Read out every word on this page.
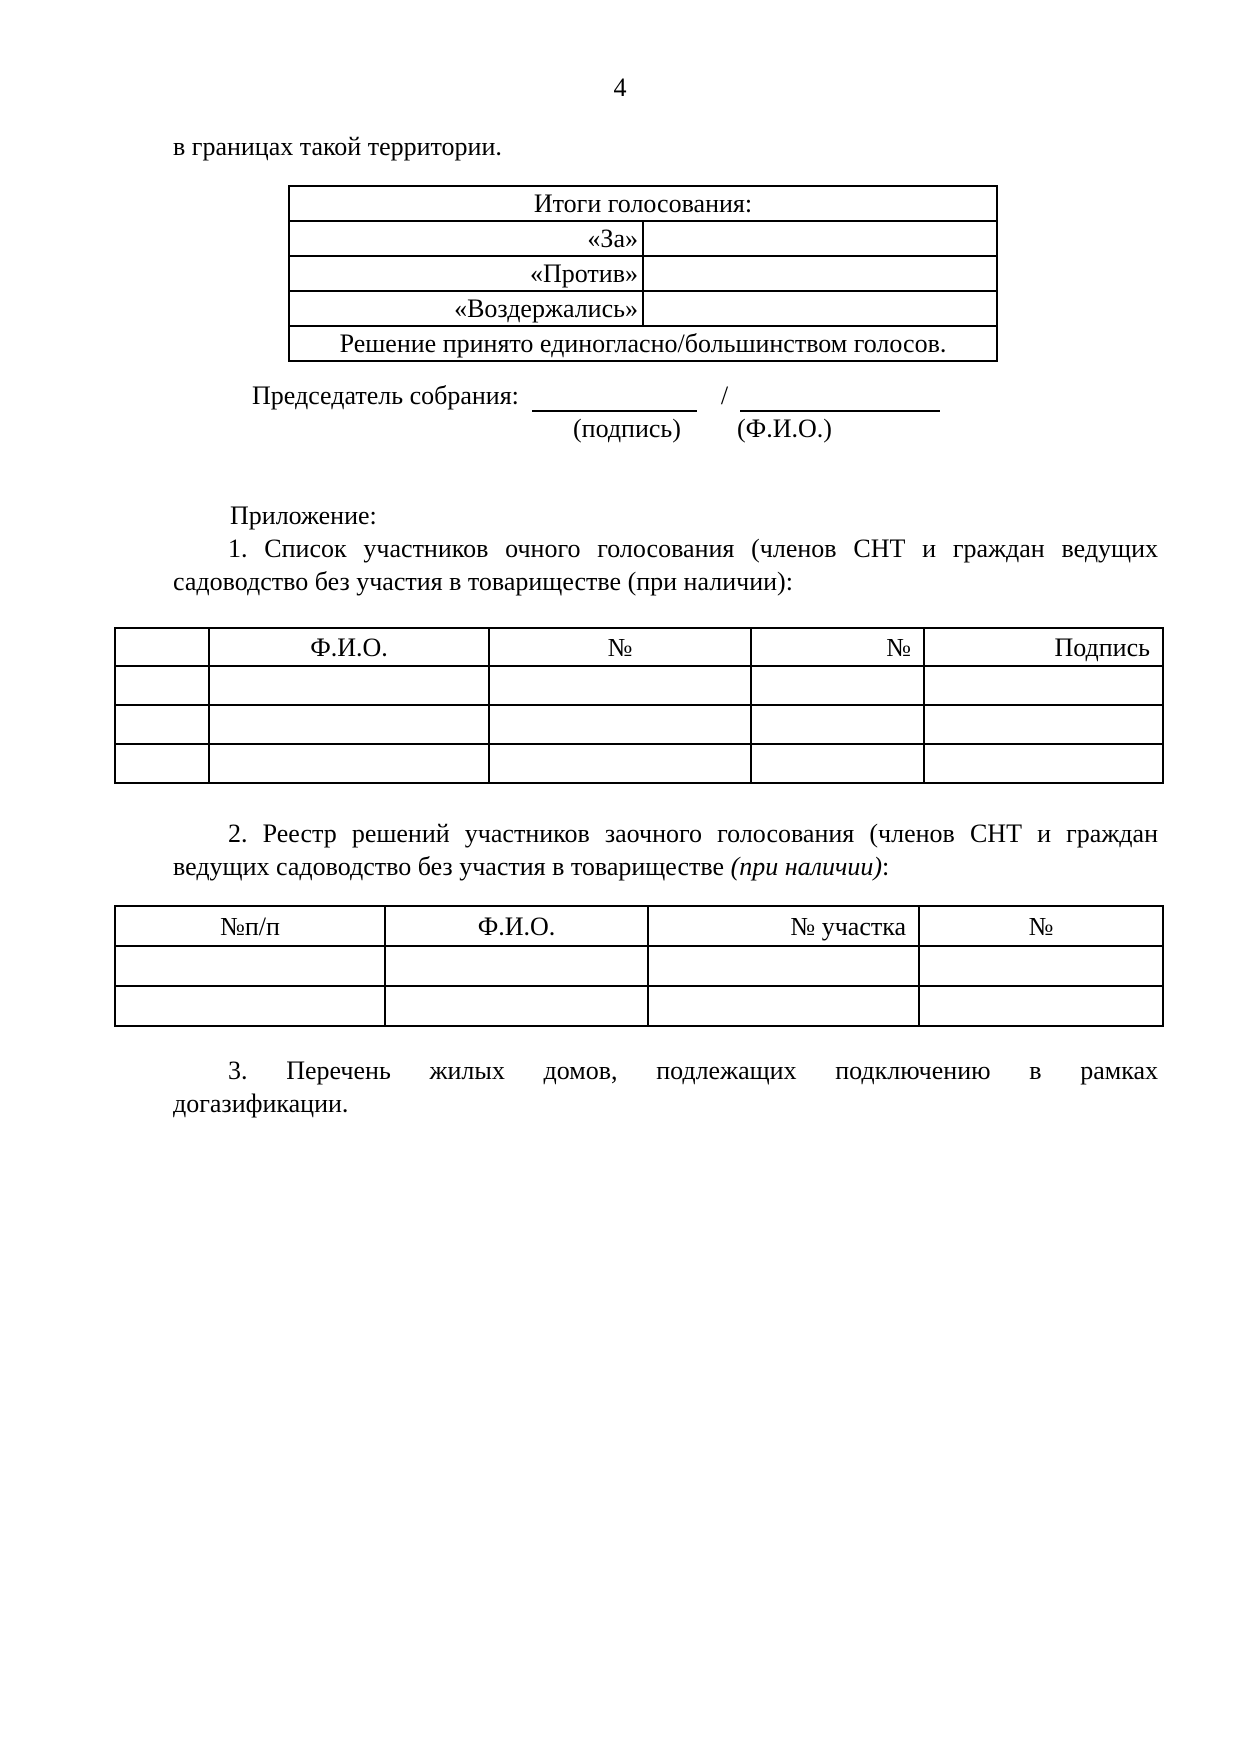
4
в границах такой территории.
Итоги голосования:	
«За»	
«Против»	
«Воздержались»	
Решение принято единогласно/большинством голосов.	
Председатель собрания:	/
(подпись) (Ф.И.О.)
Приложение:
1. Список участников очного голосования (членов СНТ и граждан ведущих
садоводство без участия в товариществе (при наличии):
	Ф.И.О.	№	№	Подпись

2. Реестр решений участников заочного голосования (членов СНТ и граждан
ведущих садоводство без участия в товариществе (при наличии):
№п/п	Ф.И.О.	№ участка	№

3. Перечень жилых домов, подлежащих подключению в рамках
догазификации.
